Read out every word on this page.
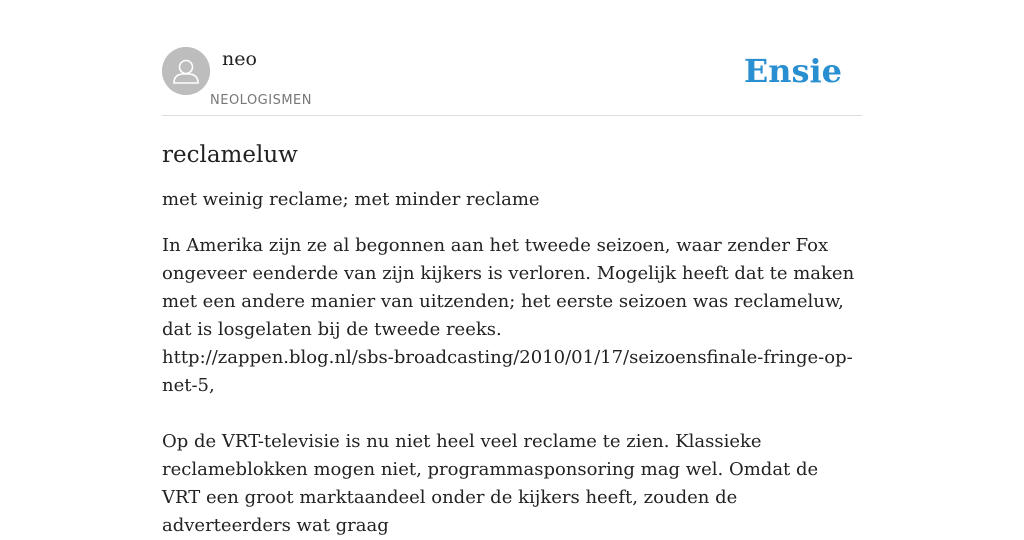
neo
NEOLOGISMEN
Ensie
reclameluw
met weinig reclame; met minder reclame

In Amerika zijn ze al begonnen aan het tweede seizoen, waar zender Fox ongeveer eenderde van zijn kijkers is verloren. Mogelijk heeft dat te maken met een andere manier van uitzenden; het eerste seizoen was reclameluw, dat is losgelaten bij de tweede reeks.

http://zappen.blog.nl/sbs-broadcasting/2010/01/17/seizoensfinale-fringe-op-net-5,

Op de VRT-televisie is nu niet heel veel reclame te zien. Klassieke reclameblokken mogen niet, programmasponsoring mag wel. Omdat de VRT een groot marktaandeel onder de kijkers heeft, zouden de adverteerders wat graag
